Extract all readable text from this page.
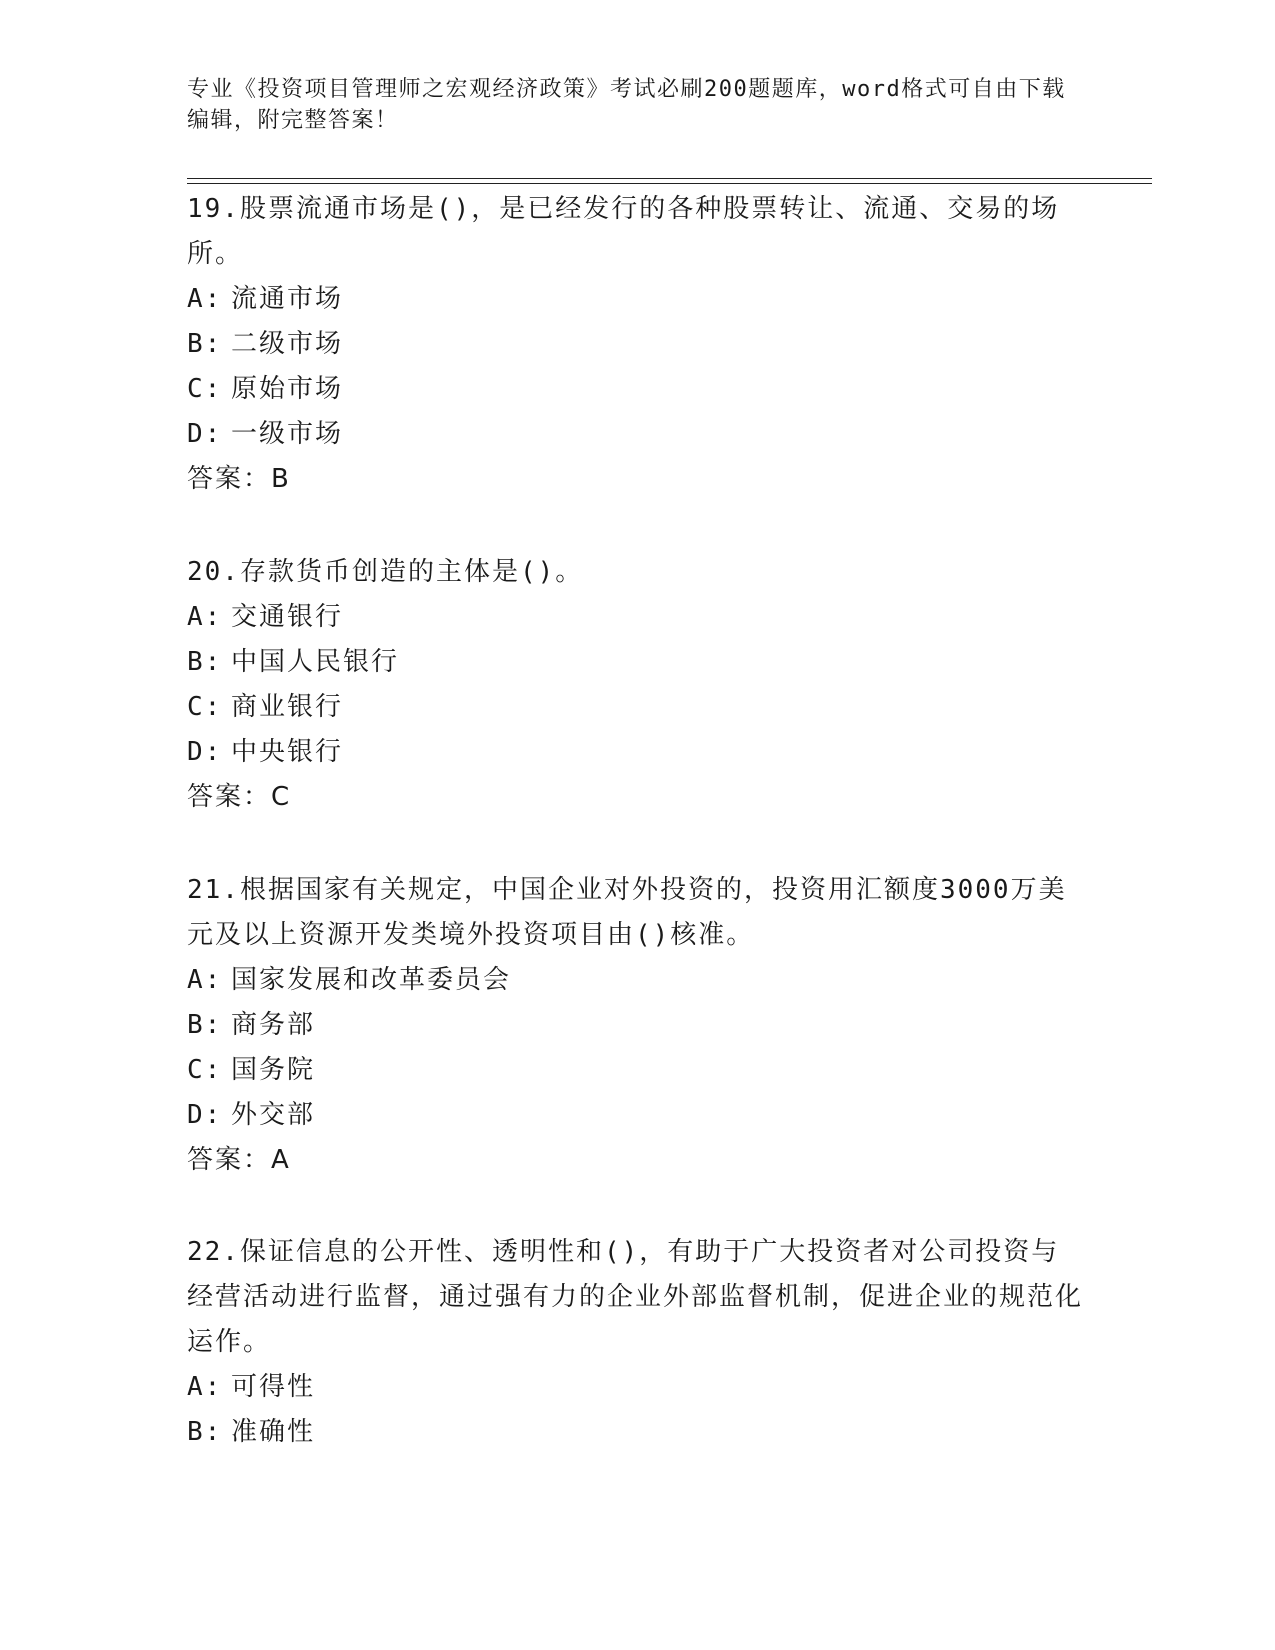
专业《投资项目管理师之宏观经济政策》考试必刷200题题库，word格式可自由下载编辑，附完整答案！

19.股票流通市场是()，是已经发行的各种股票转让、流通、交易的场所。

A: 流通市场

B: 二级市场

C: 原始市场

D: 一级市场

答案：B

20.存款货币创造的主体是()。

A: 交通银行

B: 中国人民银行

C: 商业银行

D: 中央银行

答案：C

21.根据国家有关规定，中国企业对外投资的，投资用汇额度3000万美元及以上资源开发类境外投资项目由()核准。

A: 国家发展和改革委员会

B: 商务部

C: 国务院

D: 外交部

答案：A

22.保证信息的公开性、透明性和()，有助于广大投资者对公司投资与经营活动进行监督，通过强有力的企业外部监督机制，促进企业的规范化运作。

A: 可得性

B: 准确性
